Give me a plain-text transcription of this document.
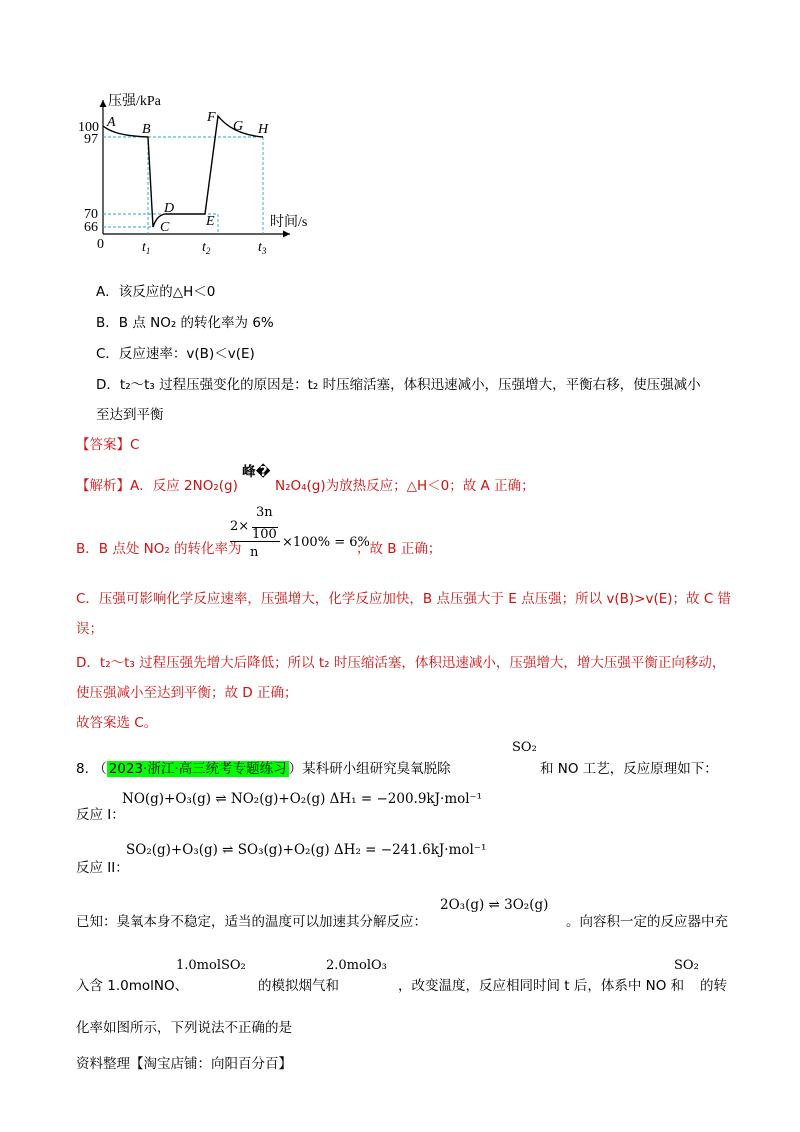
压强/kPa
时间/s
100
97
70
66
0	$t_1$	$t_2$	$t_3$
A B
C
D
E
F
G H
A．该反应的△H＜0
B．B 点 NO₂ 的转化率为 6%
C．反应速率：v(B)＜v(E)
D．t₂～t₃ 过程压强变化的原因是：t₂ 时压缩活塞，体积迅速减小，压强增大，平衡右移，使压强减小
至达到平衡
【答案】C
【解析】A．反应 2NO₂(g) 峰� N₂O₄(g)为放热反应；△H＜0；故 A 正确；
B．B 点处 NO₂ 的转化率为
3n
2×
100
n
×100% = 6%
；故 B 正确；
C．压强可影响化学反应速率，压强增大，化学反应加快，B 点压强大于 E 点压强；所以 v(B)>v(E)；故 C 错
误；
D．t₂～t₃ 过程压强先增大后降低；所以 t₂ 时压缩活塞，体积迅速减小，压强增大，增大压强平衡正向移动，
使压强减小至达到平衡；故 D 正确；
故答案选 C。
8. （ 2023·浙江·高三统考专题练习 ）某科研小组研究臭氧脱除
SO₂
和 NO 工艺，反应原理如下：
反应 I：
NO(g)+O₃(g) ⇌ NO₂(g)+O₂(g) ΔH₁ = −200.9kJ·mol⁻¹
反应 II：
SO₂(g)+O₃(g) ⇌ SO₃(g)+O₂(g) ΔH₂ = −241.6kJ·mol⁻¹
已知：臭氧本身不稳定，适当的温度可以加速其分解反应：
2O₃(g) ⇌ 3O₂(g)
。向容积一定的反应器中充
入含 1.0molNO、
1.0molSO₂
的模拟烟气和
2.0molO₃
，改变温度，反应相同时间 t 后，体系中 NO 和
SO₂
的转
化率如图所示，下列说法不正确的是
资料整理【淘宝店铺：向阳百分百】
